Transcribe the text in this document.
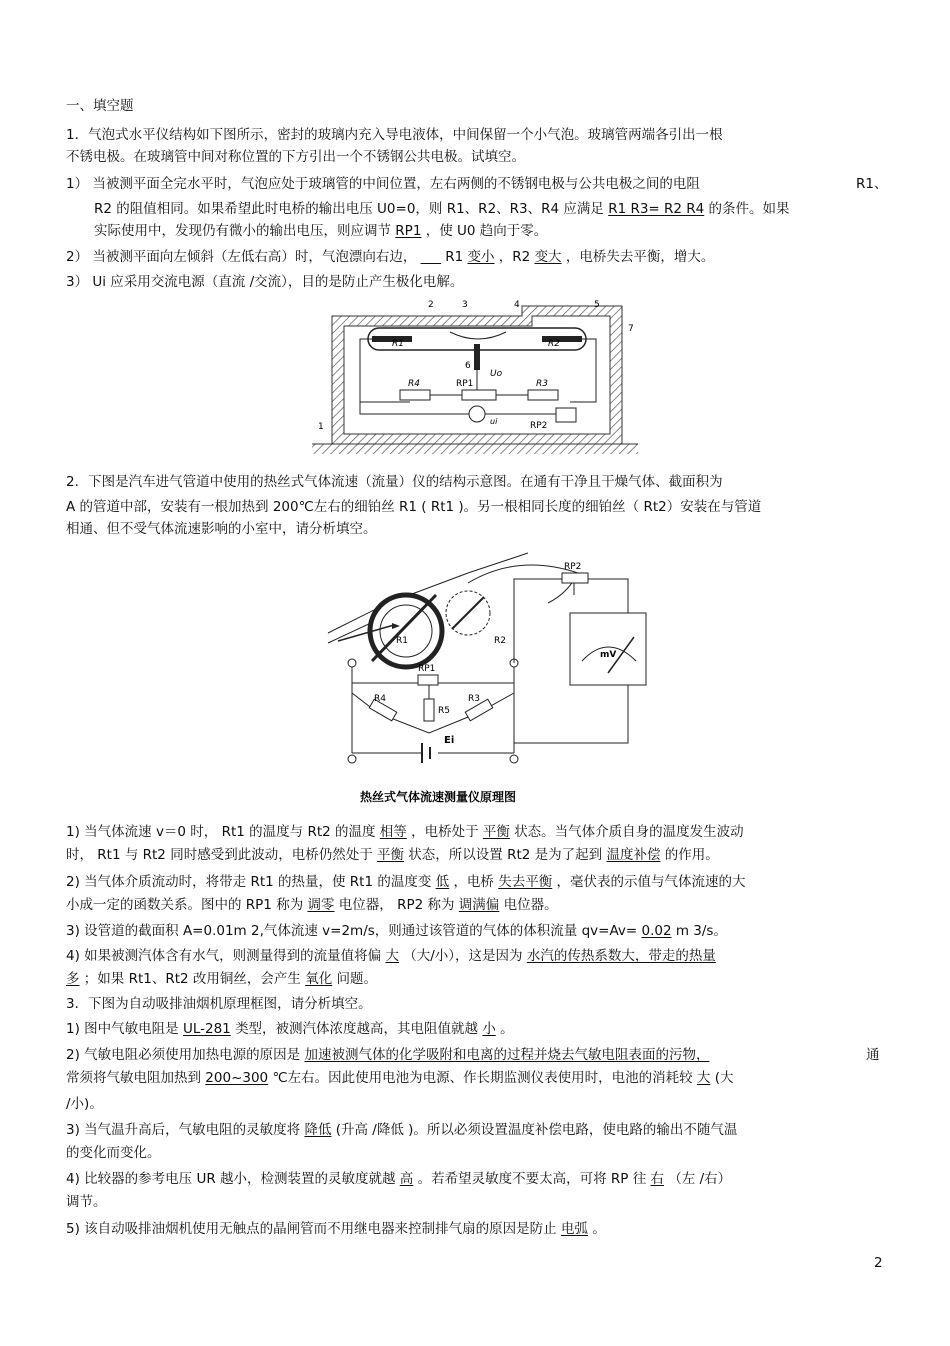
一、填空题
1．气泡式水平仪结构如下图所示，密封的玻璃内充入导电液体，中间保留一个小气泡。玻璃管两端各引出一根
不锈电极。在玻璃管中间对称位置的下方引出一个不锈钢公共电极。试填空。
1） 当被测平面全完水平时，气泡应处于玻璃管的中间位置，左右两侧的不锈钢电极与公共电极之间的电阻	R1、
R2 的阻值相同。如果希望此时电桥的输出电压 U0=0，则 R1、R2、R3、R4 应满足 R1 R3= R2 R4 的条件。如果
实际使用中，发现仍有微小的输出电压，则应调节 RP1 ，使 U0 趋向于零。
2） 当被测平面向左倾斜（左低右高）时，气泡漂向右边， ___ R1 变小 ，R2 变大 ，电桥失去平衡，增大。
3） Ui 应采用交流电源（直流 /交流），目的是防止产生极化电解。
1
2	3	4	5
6
7
R1	R2
R3
R4	RP1
RP2
Uo
ui
2．下图是汽车进气管道中使用的热丝式气体流速（流量）仪的结构示意图。在通有干净且干燥气体、截面积为
A 的管道中部，安装有一根加热到 200℃左右的细铂丝 R1 ( Rt1 )。另一根相同长度的细铂丝（ Rt2）安装在与管道
相通、但不受气体流速影响的小室中，请分析填空。
RP2
R1	R2
RP1
R4
R5
R3
Ei
mV
热丝式气体流速测量仪原理图
1) 当气体流速 v＝0 时， Rt1 的温度与 Rt2 的温度 相等 ，电桥处于 平衡 状态。当气体介质自身的温度发生波动
时， Rt1 与 Rt2 同时感受到此波动，电桥仍然处于 平衡 状态，所以设置 Rt2 是为了起到 温度补偿 的作用。
2) 当气体介质流动时，将带走 Rt1 的热量，使 Rt1 的温度变 低 ，电桥 失去平衡 ，毫伏表的示值与气体流速的大
小成一定的函数关系。图中的 RP1 称为 调零 电位器， RP2 称为 调满偏 电位器。
3) 设管道的截面积 A=0.01m 2,气体流速 v=2m/s，则通过该管道的气体的体积流量 qv=Av= 0.02 m 3/s。
4) 如果被测汽体含有水气，则测量得到的流量值将偏 大 （大/小），这是因为 水汽的传热系数大，带走的热量
多 ；如果 Rt1、Rt2 改用铜丝，会产生 氧化 问题。
3．下图为自动吸排油烟机原理框图，请分析填空。
1) 图中气敏电阻是 UL-281 类型，被测汽体浓度越高，其电阻值就越 小 。
2) 气敏电阻必须使用加热电源的原因是 加速被测气体的化学吸附和电离的过程并烧去气敏电阻表面的污物，	通
常须将气敏电阻加热到 200~300 ℃左右。因此使用电池为电源、作长期监测仪表使用时，电池的消耗较 大 (大
/小)。
3) 当气温升高后，气敏电阻的灵敏度将 降低 (升高 /降低 )。所以必须设置温度补偿电路，使电路的输出不随气温
的变化而变化。
4) 比较器的参考电压 UR 越小，检测装置的灵敏度就越 高 。若希望灵敏度不要太高，可将 RP 往 右 （左 /右）
调节。
5) 该自动吸排油烟机使用无触点的晶闸管而不用继电器来控制排气扇的原因是防止 电弧 。
2
